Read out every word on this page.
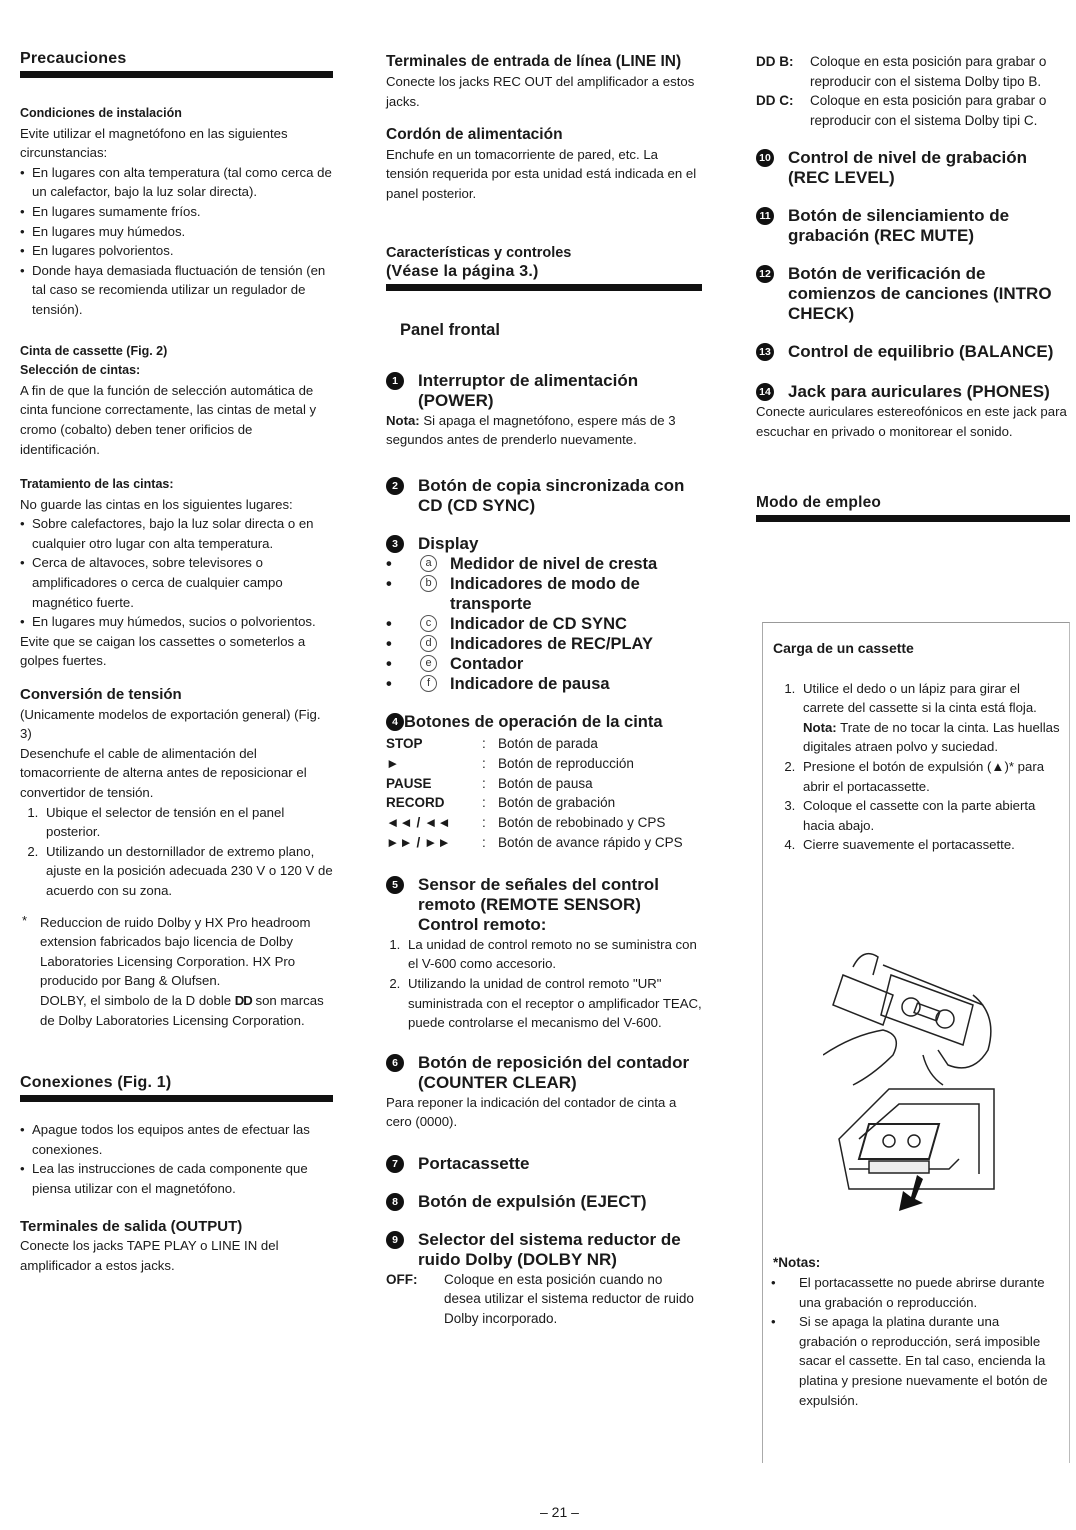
Precauciones

Condiciones de instalación

Evite utilizar el magnetófono en las siguientes circunstancias:

• En lugares con alta temperatura (tal como cerca de un calefactor, bajo la luz solar directa).
• En lugares sumamente fríos.
• En lugares muy húmedos.
• En lugares polvorientos.
• Donde haya demasiada fluctuación de tensión (en tal caso se recomienda utilizar un regulador de tensión).

Cinta de cassette (Fig. 2)

Selección de cintas:

A fin de que la función de selección automática de cinta funcione correctamente, las cintas de metal y cromo (cobalto) deben tener orificios de identificación.

Tratamiento de las cintas:

No guarde las cintas en los siguientes lugares:

• Sobre calefactores, bajo la luz solar directa o en cualquier otro lugar con alta temperatura.
• Cerca de altavoces, sobre televisores o amplificadores o cerca de cualquier campo magnético fuerte.
• En lugares muy húmedos, sucios o polvorientos.

Evite que se caigan los cassettes o someterlos a golpes fuertes.

Conversión de tensión

(Unicamente modelos de exportación general) (Fig. 3)

Desenchufe el cable de alimentación del tomacorriente de alterna antes de reposicionar el convertidor de tensión.

1. Ubique el selector de tensión en el panel posterior.
2. Utilizando un destornillador de extremo plano, ajuste en la posición adecuada 230 V o 120 V de acuerdo con su zona.
* Reduccion de ruido Dolby y HX Pro headroom extension fabricados bajo licencia de Dolby Laboratories Licensing Corporation. HX Pro producido por Bang & Olufsen.

DOLBY, el simbolo de la D doble DD son marcas de Dolby Laboratories Licensing Corporation.

Conexiones (Fig. 1)
• Apague todos los equipos antes de efectuar las conexiones.
• Lea las instrucciones de cada componente que piensa utilizar con el magnetófono.

Terminales de salida (OUTPUT)

Conecte los jacks TAPE PLAY o LINE IN del amplificador a estos jacks.

Terminales de entrada de línea (LINE IN)

Conecte los jacks REC OUT del amplificador a estos jacks.

Cordón de alimentación

Enchufe en un tomacorriente de pared, etc. La tensión requerida por esta unidad está indicada en el panel posterior.

Características y controles

(Véase la página 3.)

Panel frontal

1	Interruptor de alimentación (POWER)

Nota: Si apaga el magnetófono, espere más de 3 segundos antes de prenderlo nuevamente.

2	Botón de copia sincronizada con CD (CD SYNC)
3	Display
• a	Medidor de nivel de cresta
• b	Indicadores de modo de transporte
• c	Indicador de CD SYNC
• d	Indicadores de REC/PLAY
• e	Contador
• f	Indicadore de pausa
4 Botones de operación de la cinta
STOP	:	Botón de parada
►	:	Botón de reproducción
PAUSE	:	Botón de pausa
RECORD	:	Botón de grabación
◄◄ / ◄◄	:	Botón de rebobinado y CPS
►► / ►►	:	Botón de avance rápido y CPS
5	Sensor de señales del control remoto (REMOTE SENSOR)
Control remoto:
1. La unidad de control remoto no se suministra con el V-600 como accesorio.
2. Utilizando la unidad de control remoto "UR" suministrada con el receptor o amplificador TEAC, puede controlarse el mecanismo del V-600.
6	Botón de reposición del contador (COUNTER CLEAR)

Para reponer la indicación del contador de cinta a cero (0000).

7	Portacassette
8	Botón de expulsión (EJECT)
9	Selector del sistema reductor de ruido Dolby (DOLBY NR)
OFF: Coloque en esta posición cuando no desea utilizar el sistema reductor de ruido Dolby incorporado.
DD B: Coloque en esta posición para grabar o reproducir con el sistema Dolby tipo B.
DD C: Coloque en esta posición para grabar o reproducir con el sistema Dolby tipi C.
10 Control de nivel de grabación (REC LEVEL)
11 Botón de silenciamiento de grabación (REC MUTE)
12 Botón de verificación de comienzos de canciones (INTRO CHECK)
13 Control de equilibrio (BALANCE)
14 Jack para auriculares (PHONES)

Conecte auriculares estereofónicos en este jack para escuchar en privado o monitorear el sonido.

Modo de empleo

Carga de un cassette

1. Utilice el dedo o un lápiz para girar el carrete del cassette si la cinta está floja.
Nota: Trate de no tocar la cinta. Las huellas digitales atraen polvo y suciedad.
2. Presione el botón de expulsión (▲)* para abrir el portacassette.
3. Coloque el cassette con la parte abierta hacia abajo.
4. Cierre suavemente el portacassette.

*Notas:

• El portacassette no puede abrirse durante una grabación o reproducción.
• Si se apaga la platina durante una grabación o reproducción, será imposible sacar el cassette. En tal caso, encienda la platina y presione nuevamente el botón de expulsión.
– 21 –
